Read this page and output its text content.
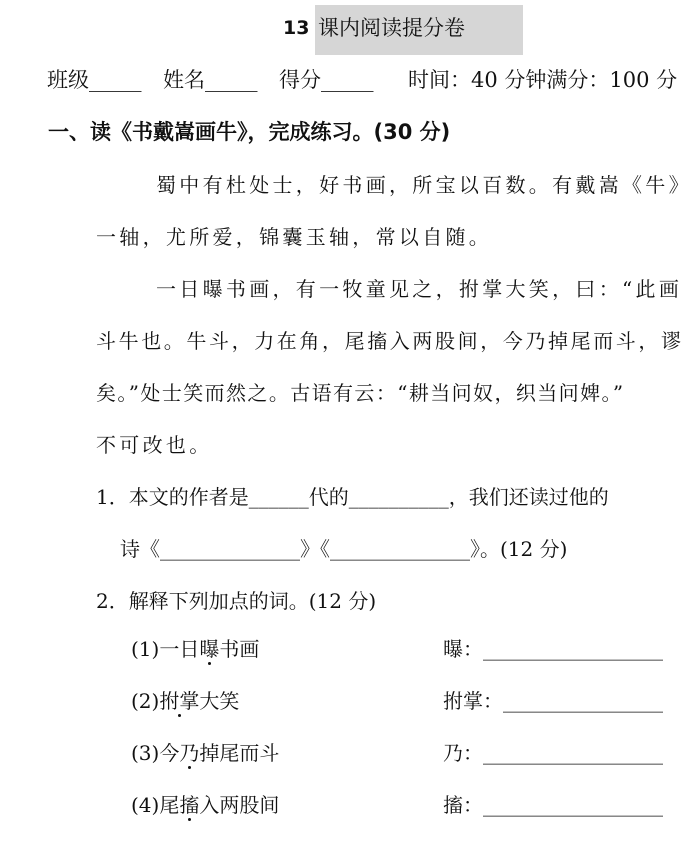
13 课内阅读提分卷
班级_____ 姓名_____ 得分_____ 时间：40 分钟满分：100 分
一、读《书戴嵩画牛》，完成练习。(30 分)
蜀中有杜处士，好书画，所宝以百数。有戴嵩《牛》
一轴，尤所爱，锦囊玉轴，常以自随。
一日曝书画，有一牧童见之，拊掌大笑，曰：“此画
斗牛也。牛斗，力在角，尾搐入两股间，今乃掉尾而斗，谬
矣。”处士笑而然之。古语有云：“耕当问奴，织当问婢。”
不可改也。
1．本文的作者是______代的__________，我们还读过他的
诗《______________》《______________》。(12 分)
2．解释下列加点的词。(12 分)
(1)一日曝书画	曝：__________________
(2)拊掌大笑	拊掌：________________
(3)今乃掉尾而斗	乃：__________________
(4)尾搐入两股间	搐：__________________
